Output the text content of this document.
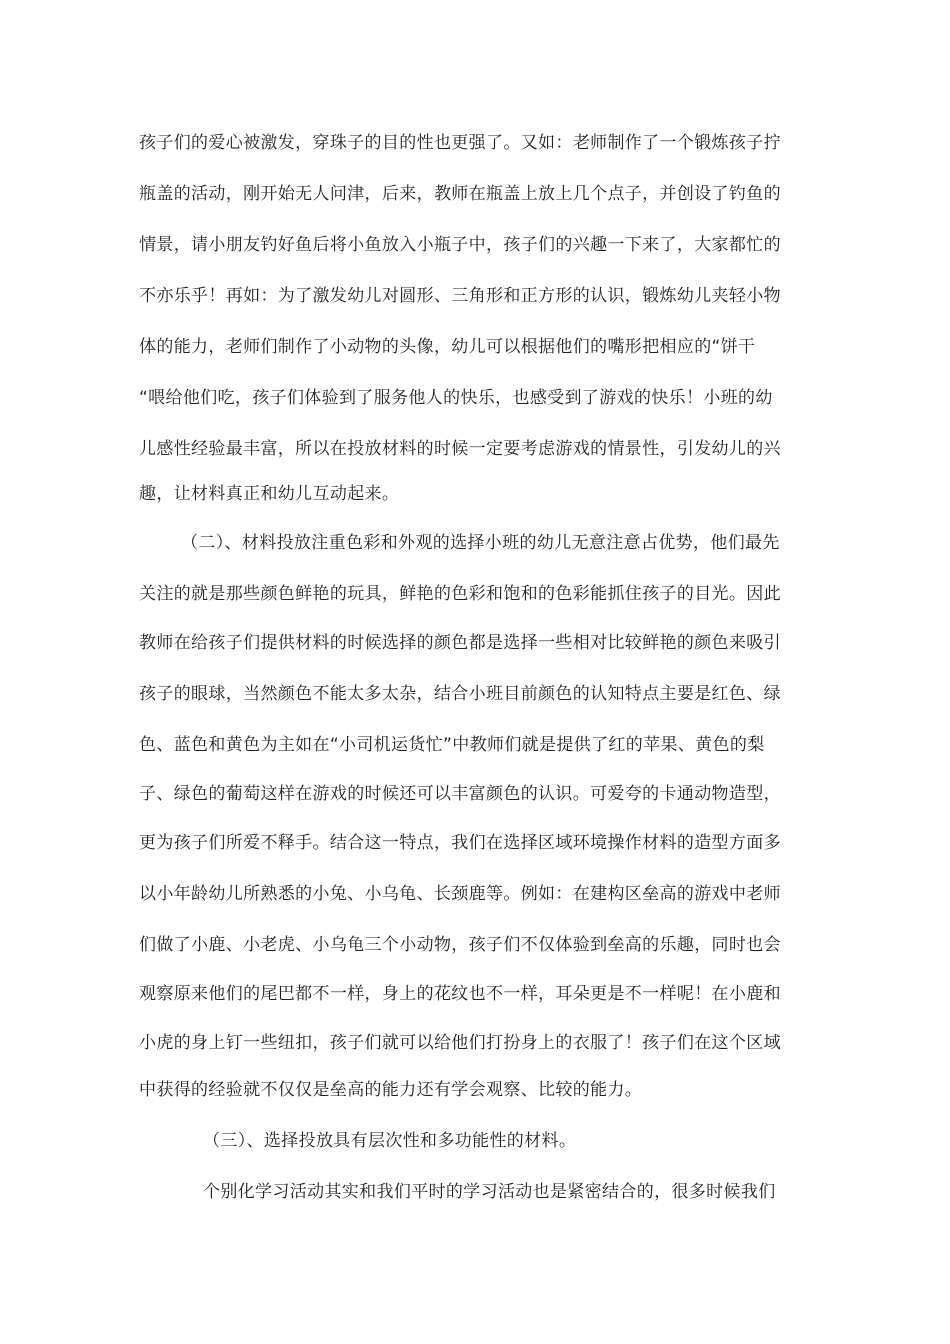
孩子们的爱心被激发，穿珠子的目的性也更强了。又如：老师制作了一个锻炼孩子拧
瓶盖的活动，刚开始无人问津，后来，教师在瓶盖上放上几个点子，并创设了钓鱼的
情景，请小朋友钓好鱼后将小鱼放入小瓶子中，孩子们的兴趣一下来了，大家都忙的
不亦乐乎！再如：为了激发幼儿对圆形、三角形和正方形的认识，锻炼幼儿夹轻小物
体的能力，老师们制作了小动物的头像，幼儿可以根据他们的嘴形把相应的“饼干
“喂给他们吃，孩子们体验到了服务他人的快乐，也感受到了游戏的快乐！小班的幼
儿感性经验最丰富，所以在投放材料的时候一定要考虑游戏的情景性，引发幼儿的兴
趣，让材料真正和幼儿互动起来。
（二）、材料投放注重色彩和外观的选择小班的幼儿无意注意占优势，他们最先
关注的就是那些颜色鲜艳的玩具，鲜艳的色彩和饱和的色彩能抓住孩子的目光。因此
教师在给孩子们提供材料的时候选择的颜色都是选择一些相对比较鲜艳的颜色来吸引
孩子的眼球，当然颜色不能太多太杂，结合小班目前颜色的认知特点主要是红色、绿
色、蓝色和黄色为主如在“小司机运货忙”中教师们就是提供了红的苹果、黄色的梨
子、绿色的葡萄这样在游戏的时候还可以丰富颜色的认识。可爱夸的卡通动物造型，
更为孩子们所爱不释手。结合这一特点，我们在选择区域环境操作材料的造型方面多
以小年龄幼儿所熟悉的小兔、小乌龟、长颈鹿等。例如：在建构区垒高的游戏中老师
们做了小鹿、小老虎、小乌龟三个小动物，孩子们不仅体验到垒高的乐趣，同时也会
观察原来他们的尾巴都不一样，身上的花纹也不一样，耳朵更是不一样呢！在小鹿和
小虎的身上钉一些纽扣，孩子们就可以给他们打扮身上的衣服了！孩子们在这个区域
中获得的经验就不仅仅是垒高的能力还有学会观察、比较的能力。
（三）、选择投放具有层次性和多功能性的材料。
个别化学习活动其实和我们平时的学习活动也是紧密结合的，很多时候我们
